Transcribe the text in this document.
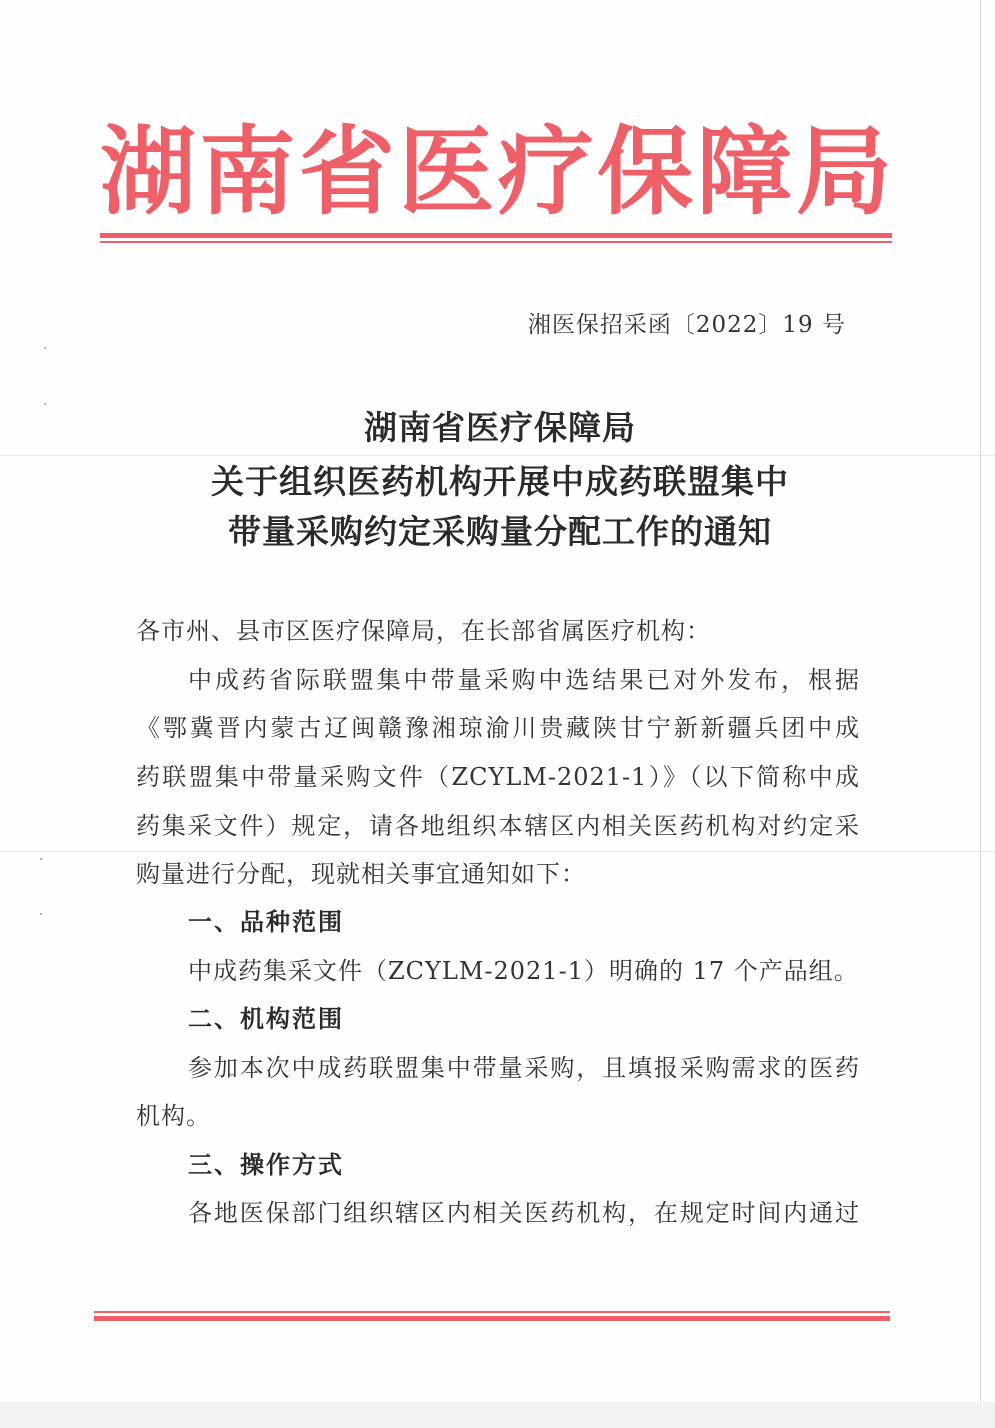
湖 南 省 医 疗 保 障 局
湘医保招采函〔2022〕19 号
湖南省医疗保障局
关于组织医药机构开展中成药联盟集中
带量采购约定采购量分配工作的通知
各市州、县市区医疗保障局，在长部省属医疗机构：
中成药省际联盟集中带量采购中选结果已对外发布，根据
《鄂冀晋内蒙古辽闽赣豫湘琼渝川贵藏陕甘宁新新疆兵团中成
药联盟集中带量采购文件（ZCYLM-2021-1）》（以下简称中成
药集采文件）规定，请各地组织本辖区内相关医药机构对约定采
购量进行分配，现就相关事宜通知如下：
一、品种范围
中成药集采文件（ZCYLM-2021-1）明确的 17 个产品组。
二、机构范围
参加本次中成药联盟集中带量采购，且填报采购需求的医药
机构。
三、操作方式
各地医保部门组织辖区内相关医药机构，在规定时间内通过
